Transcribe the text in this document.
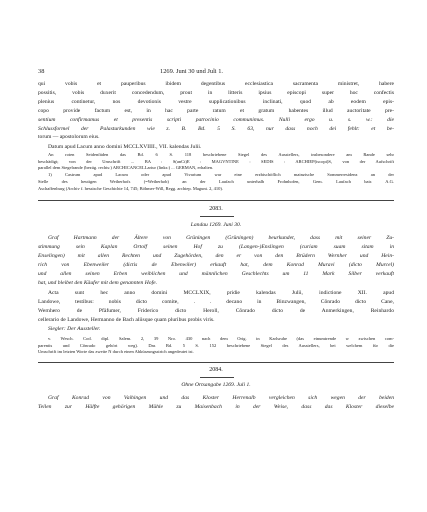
38	1269. Juni 30 und Juli 1.
qui vobis et pauperibus ibidem degentibus ecclesiastica sacramenta ministret, habere
possitis, vobis duxerit concedendum, prout in litteris ipsius episcopi super hoc confectis
plenius continetur, nos devotionis vestre supplicationibus inclinati, quod ab eodem epis-
copo provide factum est, in hac parte ratum et gratum habentes illud auctoritate pre-
sentium confirmamus et presentis scripti patrocinio communimus. Nulli ergo u. s. w.: die
Schlussformel der Palasturkunden wie z. B. Bd. 5 S. 63, nur dass noch dei fehlt: et be-
torum — apostolorum eius.
Datum apud Lacum anno domini MCCLXVIIII., VII. kalendas Julii.
An roten Seidenfäden das Bd. 6 S. 118 beschriebene Siegel des Ausstellers, insbesondere am Rande sehr
beschädigt; von der Umschrift ... BA : S(anCt)E : MAGVNTINE : SEDIS : ARCHIEP(iscopi)S, von der Aufschrift
parallel dem Siegelrande (bezüg. rechts:) ARCHICANCELLariur (links:) ... GERMAN, erhalten.
1) Castrum apud Lacum oder apud Vivarium war eine erzbischöflich mainzische Sommerresidenz an der
Stelle des heutigen Weiherhofs (=Weiherhob) an der Laufach unterhalb Frohnhofen, Gem. Laufach bair. A.G.
Aschaffenburg (Archiv f. hessische Geschichte 14, 745; Böhmer-Will, Regg. archiep. Magunt. 2, 410).
2083.
Landau 1269. Juni 30.
Graf Hartmann der Ältere von Grüningen (Grüningen) beurkundet, dass mit seiner Zu-
stimmung sein Kaplan Ortolf seinen Hof zu (Langen-)Enslingen (curiam suam sitam in
Enselingen) mit allen Rechten und Zugehörden, den er von den Brüdern Wernher und Hein-
rich von Ebenweiler (dictis de Ebenwiler) erkauft hat, dem Konrad Muravi (dicto Murcel)
und allen seinen Erben weiblichen und männlichen Geschlechts um 11 Mark Silber verkauft
hat, und bleibet den Käufer mit dem genannten Hofe.
Acta sunt hec anno domini MCCLXIX, pridie kalendas Julii, indictione XII. apud
Landowe, testibus: nobis dicto comite, . . decano in Binzwangen, Cônrado dicto Cane,
Wernhero de Pfäfumer, Friderico dicto Heroll, Cônrado dicto de Anmerkingen, Reinhardo
cellerario de Landowe, Hermanno de Bach aliisque quam pluribus probis viris.
Siegler: Der Aussteller.
v. Wesch. Cod. dipl. Salem. 2, 39 Nro. 430 nach dem Orig. in Karlsruhe (das einumtrende w zwischen com-
parentis und Cônrado gehört weg). Das Bd. 5 S. 152 beschriebene Siegel des Ausstellers, bei welchem für die
Umschrift im letzten Worte das zweite N durch einen Abkürzungsstrich angedeutet ist.
2084.
Ohne Ortsangabe 1269. Juli 1.
Graf Konrad von Vaihingen und das Kloster Herrenalb vergleichen sich wegen der beiden
Teilen zur Hälfte gehörigen Mühle zu Maisenbach in der Weise, dass das Kloster dieselbe
